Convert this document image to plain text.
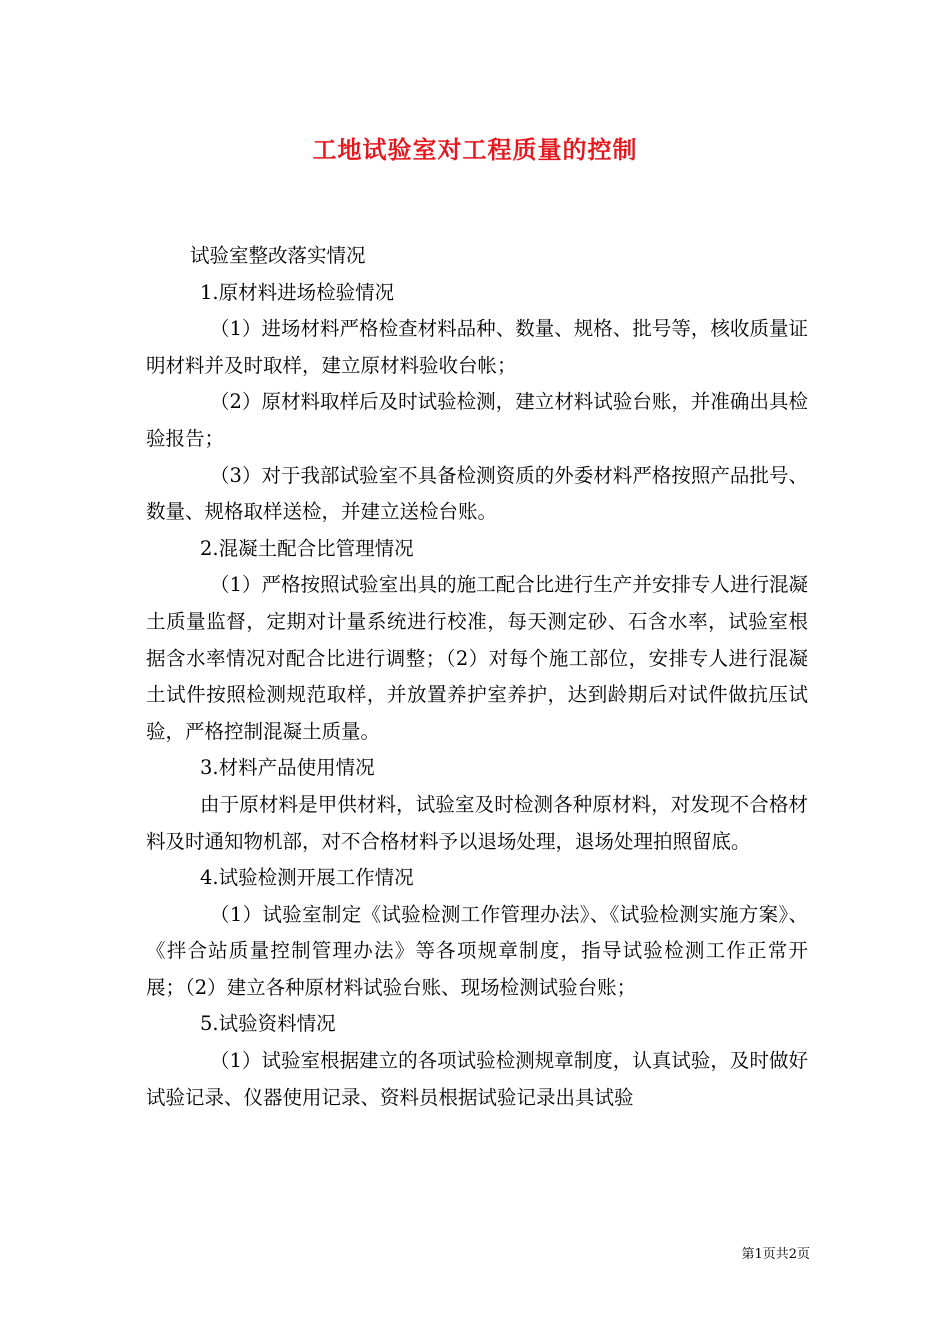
工地试验室对工程质量的控制

试验室整改落实情况

1.原材料进场检验情况

（1）进场材料严格检查材料品种、数量、规格、批号等，核收质量证明材料并及时取样，建立原材料验收台帐；

（2）原材料取样后及时试验检测，建立材料试验台账，并准确出具检验报告；

（3）对于我部试验室不具备检测资质的外委材料严格按照产品批号、数量、规格取样送检，并建立送检台账。

2.混凝土配合比管理情况

（1）严格按照试验室出具的施工配合比进行生产并安排专人进行混凝土质量监督，定期对计量系统进行校准，每天测定砂、石含水率，试验室根据含水率情况对配合比进行调整；（2）对每个施工部位，安排专人进行混凝土试件按照检测规范取样，并放置养护室养护，达到龄期后对试件做抗压试验，严格控制混凝土质量。

3.材料产品使用情况

由于原材料是甲供材料，试验室及时检测各种原材料，对发现不合格材料及时通知物机部，对不合格材料予以退场处理，退场处理拍照留底。

4.试验检测开展工作情况

（1）试验室制定《试验检测工作管理办法》、《试验检测实施方案》、《拌合站质量控制管理办法》等各项规章制度，指导试验检测工作正常开展；（2）建立各种原材料试验台账、现场检测试验台账；

5.试验资料情况

（1）试验室根据建立的各项试验检测规章制度，认真试验，及时做好试验记录、仪器使用记录、资料员根据试验记录出具试验

第1页共2页
